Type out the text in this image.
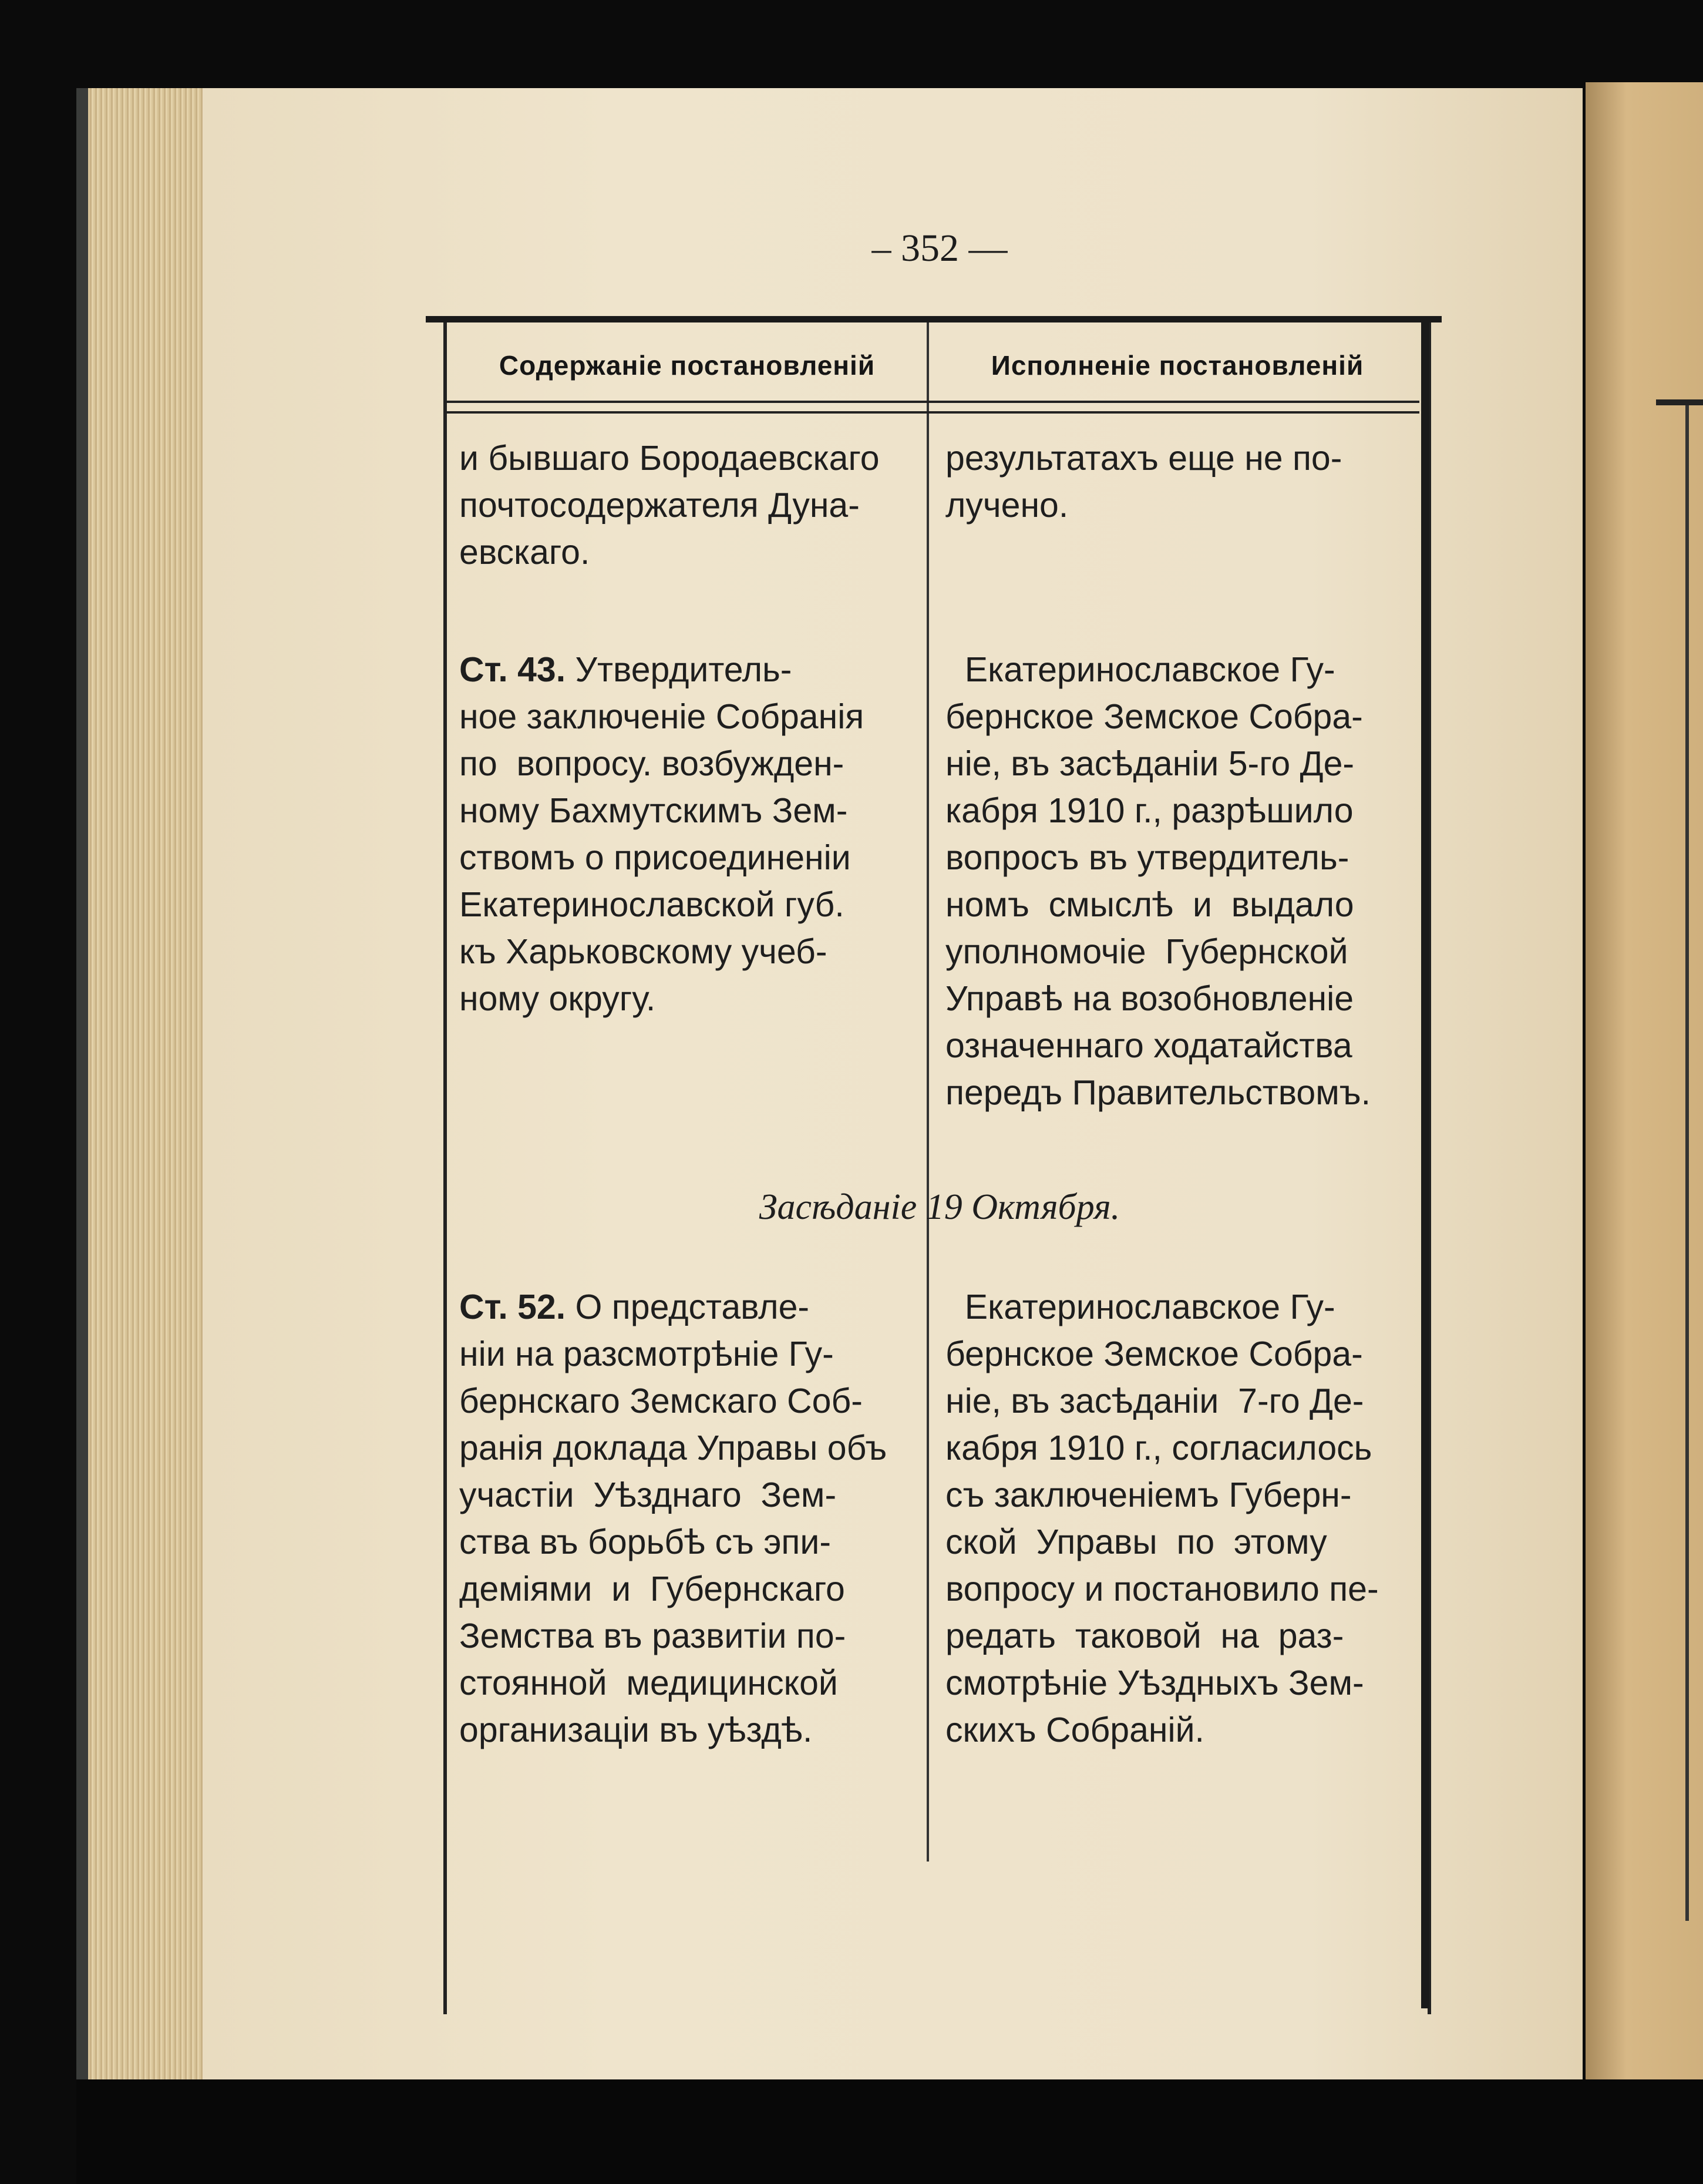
– 352 —
Содержаніе постановленій	Исполненіе постановленій
и бывшаго Бородаевскаго
почтосодержателя Дуна-
евскаго.
результатахъ еще не по-
лучено.
Ст. 43. Утвердитель-
ное заключеніе Собранія
по  вопросу. возбужден-
ному Бахмутскимъ Зем-
ствомъ о присоединеніи
Екатеринославской губ.
къ Харьковскому учеб-
ному округу.
Екатеринославское Гу-
бернское Земское Собра-
ніе, въ засѣданіи 5-го Де-
кабря 1910 г., разрѣшило
вопросъ въ утвердитель-
номъ  смыслѣ  и  выдало
уполномочіе  Губернской
Управѣ на возобновленіе
означеннаго ходатайства
передъ Правительствомъ.
Засѣданіе 19 Октября.
Ст. 52. О представле-
ніи на разсмотрѣніе Гу-
бернскаго Земскаго Соб-
ранія доклада Управы объ
участіи  Уѣзднаго  Зем-
ства въ борьбѣ съ эпи-
деміями  и  Губернскаго
Земства въ развитіи по-
стоянной  медицинской
организаціи въ уѣздѣ.
Екатеринославское Гу-
бернское Земское Собра-
ніе, въ засѣданіи  7-го Де-
кабря 1910 г., согласилось
съ заключеніемъ Губерн-
ской  Управы  по  этому
вопросу и постановило пе-
редать  таковой  на  раз-
смотрѣніе Уѣздныхъ Зем-
скихъ Собраній.
